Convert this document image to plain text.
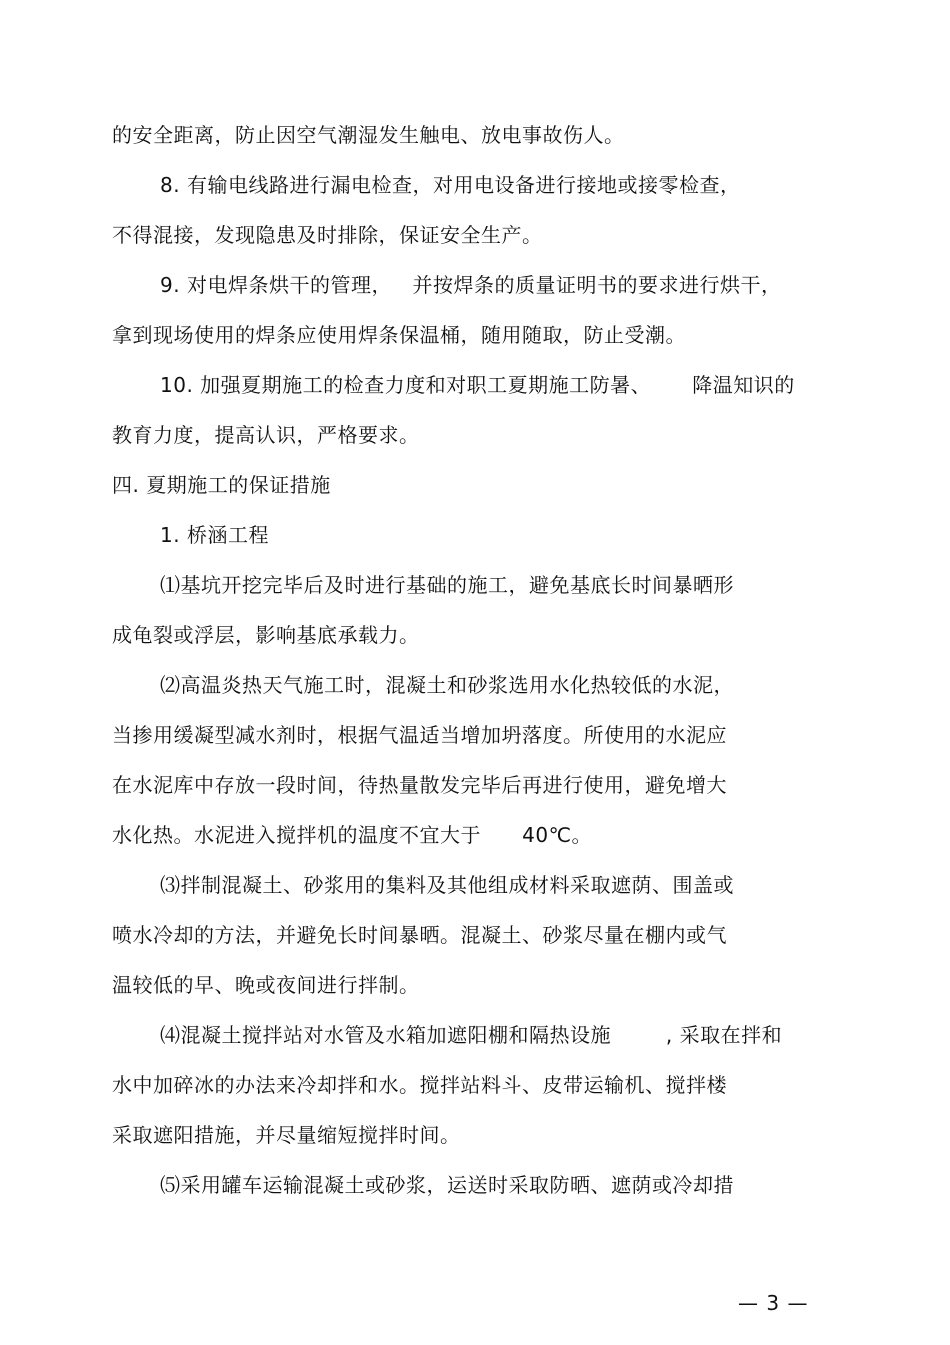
的安全距离，防止因空气潮湿发生触电、放电事故伤人。
8. 有输电线路进行漏电检查，对用电设备进行接地或接零检查，
不得混接，发现隐患及时排除，保证安全生产。
9. 对电焊条烘干的管理，   并按焊条的质量证明书的要求进行烘干，
拿到现场使用的焊条应使用焊条保温桶，随用随取，防止受潮。
10. 加强夏期施工的检查力度和对职工夏期施工防暑、      降温知识的
教育力度，提高认识，严格要求。
四. 夏期施工的保证措施
1. 桥涵工程
⑴基坑开挖完毕后及时进行基础的施工，避免基底长时间暴晒形
成龟裂或浮层，影响基底承载力。
⑵高温炎热天气施工时，混凝土和砂浆选用水化热较低的水泥，
当掺用缓凝型减水剂时，根据气温适当增加坍落度。所使用的水泥应
在水泥库中存放一段时间，待热量散发完毕后再进行使用，避免增大
水化热。水泥进入搅拌机的温度不宜大于      40℃。
⑶拌制混凝土、砂浆用的集料及其他组成材料采取遮荫、围盖或
喷水冷却的方法，并避免长时间暴晒。混凝土、砂浆尽量在棚内或气
温较低的早、晚或夜间进行拌制。
⑷混凝土搅拌站对水管及水箱加遮阳棚和隔热设施        , 采取在拌和
水中加碎冰的办法来冷却拌和水。搅拌站料斗、皮带运输机、搅拌楼
采取遮阳措施，并尽量缩短搅拌时间。
⑸采用罐车运输混凝土或砂浆，运送时采取防晒、遮荫或冷却措
— 3 —
